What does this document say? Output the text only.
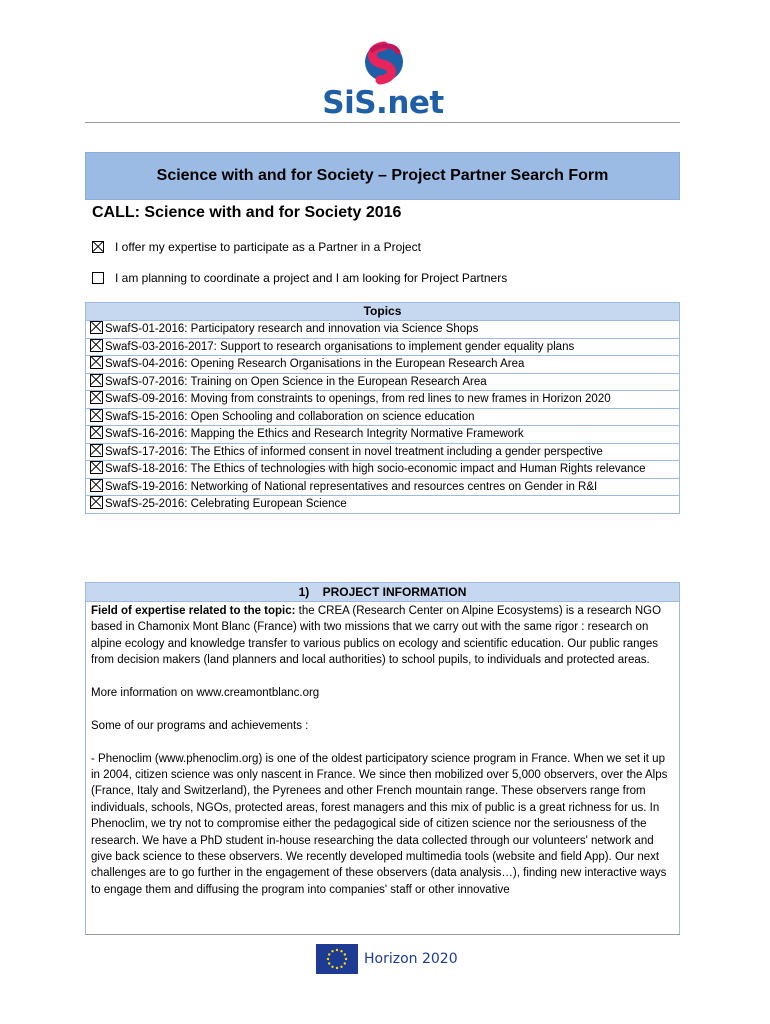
SiS.net
Science with and for Society – Project Partner Search Form
CALL: Science with and for Society 2016
I offer my expertise to participate as a Partner in a Project
I am planning to coordinate a project and I am looking for Project Partners
Topics
SwafS-01-2016: Participatory research and innovation via Science Shops
SwafS-03-2016-2017: Support to research organisations to implement gender equality plans
SwafS-04-2016: Opening Research Organisations in the European Research Area
SwafS-07-2016: Training on Open Science in the European Research Area
SwafS-09-2016: Moving from constraints to openings, from red lines to new frames in Horizon 2020
SwafS-15-2016: Open Schooling and collaboration on science education
SwafS-16-2016: Mapping the Ethics and Research Integrity Normative Framework
SwafS-17-2016: The Ethics of informed consent in novel treatment including a gender perspective
SwafS-18-2016: The Ethics of technologies with high socio-economic impact and Human Rights relevance
SwafS-19-2016: Networking of National representatives and resources centres on Gender in R&I
SwafS-25-2016: Celebrating European Science
1)    PROJECT INFORMATION

Field of expertise related to the topic: the CREA (Research Center on Alpine Ecosystems) is a research NGO based in Chamonix Mont Blanc (France) with two missions that we carry out with the same rigor : research on alpine ecology and knowledge transfer to various publics on ecology and scientific education. Our public ranges from decision makers (land planners and local authorities) to school pupils, to individuals and protected areas.

More information on www.creamontblanc.org

Some of our programs and achievements :

- Phenoclim (www.phenoclim.org) is one of the oldest participatory science program in France. When we set it up in 2004, citizen science was only nascent in France. We since then mobilized over 5,000 observers, over the Alps (France, Italy and Switzerland), the Pyrenees and other French mountain range. These observers range from individuals, schools, NGOs, protected areas, forest managers and this mix of public is a great richness for us. In Phenoclim, we try not to compromise either the pedagogical side of citizen science nor the seriousness of the research. We have a PhD student in-house researching the data collected through our volunteers' network and give back science to these observers. We recently developed multimedia tools (website and field App). Our next challenges are to go further in the engagement of these observers (data analysis…), finding new interactive ways to engage them and diffusing the program into companies' staff or other innovative

Horizon 2020
